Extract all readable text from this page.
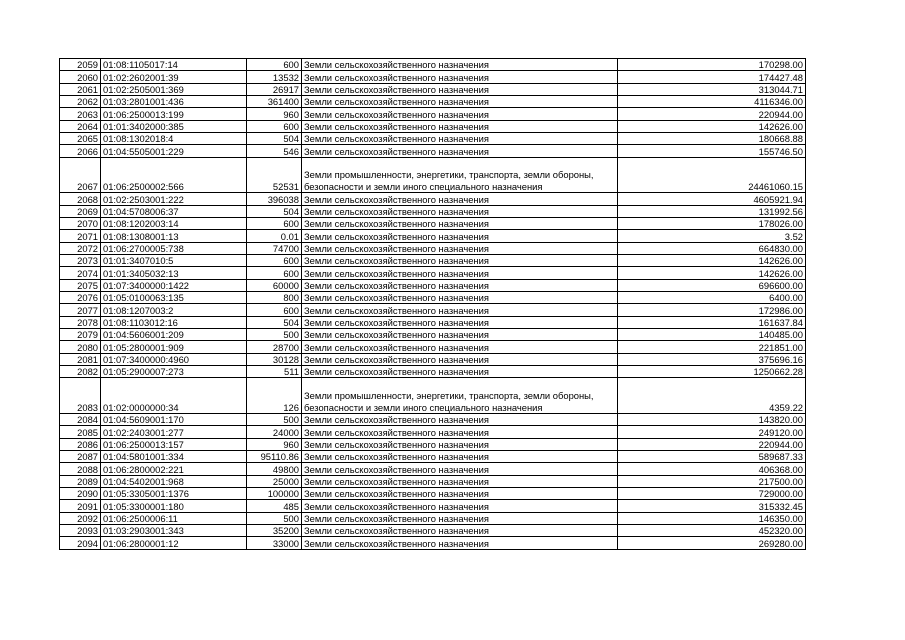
2059	01:08:1105017:14	600	Земли сельскохозяйственного назначения	170298.00
2060	01:02:2602001:39	13532	Земли сельскохозяйственного назначения	174427.48
2061	01:02:2505001:369	26917	Земли сельскохозяйственного назначения	313044.71
2062	01:03:2801001:436	361400	Земли сельскохозяйственного назначения	4116346.00
2063	01:06:2500013:199	960	Земли сельскохозяйственного назначения	220944.00
2064	01:01:3402000:385	600	Земли сельскохозяйственного назначения	142626.00
2065	01:08:1302018:4	504	Земли сельскохозяйственного назначения	180668.88
2066	01:04:5505001:229	546	Земли сельскохозяйственного назначения	155746.50
2067	01:06:2500002:566	52531	Земли промышленности, энергетики, транспорта, земли обороны, безопасности и земли иного специального назначения	24461060.15
2068	01:02:2503001:222	396038	Земли сельскохозяйственного назначения	4605921.94
2069	01:04:5708006:37	504	Земли сельскохозяйственного назначения	131992.56
2070	01:08:1202003:14	600	Земли сельскохозяйственного назначения	178026.00
2071	01:08:1308001:13	0.01	Земли сельскохозяйственного назначения	3.52
2072	01:06:2700005:738	74700	Земли сельскохозяйственного назначения	664830.00
2073	01:01:3407010:5	600	Земли сельскохозяйственного назначения	142626.00
2074	01:01:3405032:13	600	Земли сельскохозяйственного назначения	142626.00
2075	01:07:3400000:1422	60000	Земли сельскохозяйственного назначения	696600.00
2076	01:05:0100063:135	800	Земли сельскохозяйственного назначения	6400.00
2077	01:08:1207003:2	600	Земли сельскохозяйственного назначения	172986.00
2078	01:08:1103012:16	504	Земли сельскохозяйственного назначения	161637.84
2079	01:04:5606001:209	500	Земли сельскохозяйственного назначения	140485.00
2080	01:05:2800001:909	28700	Земли сельскохозяйственного назначения	221851.00
2081	01:07:3400000:4960	30128	Земли сельскохозяйственного назначения	375696.16
2082	01:05:2900007:273	511	Земли сельскохозяйственного назначения	1250662.28
2083	01:02:0000000:34	126	Земли промышленности, энергетики, транспорта, земли обороны, безопасности и земли иного специального назначения	4359.22
2084	01:04:5609001:170	500	Земли сельскохозяйственного назначения	143820.00
2085	01:02:2403001:277	24000	Земли сельскохозяйственного назначения	249120.00
2086	01:06:2500013:157	960	Земли сельскохозяйственного назначения	220944.00
2087	01:04:5801001:334	95110.86	Земли сельскохозяйственного назначения	589687.33
2088	01:06:2800002:221	49800	Земли сельскохозяйственного назначения	406368.00
2089	01:04:5402001:968	25000	Земли сельскохозяйственного назначения	217500.00
2090	01:05:3305001:1376	100000	Земли сельскохозяйственного назначения	729000.00
2091	01:05:3300001:180	485	Земли сельскохозяйственного назначения	315332.45
2092	01:06:2500006:11	500	Земли сельскохозяйственного назначения	146350.00
2093	01:03:2903001:343	35200	Земли сельскохозяйственного назначения	452320.00
2094	01:06:2800001:12	33000	Земли сельскохозяйственного назначения	269280.00
